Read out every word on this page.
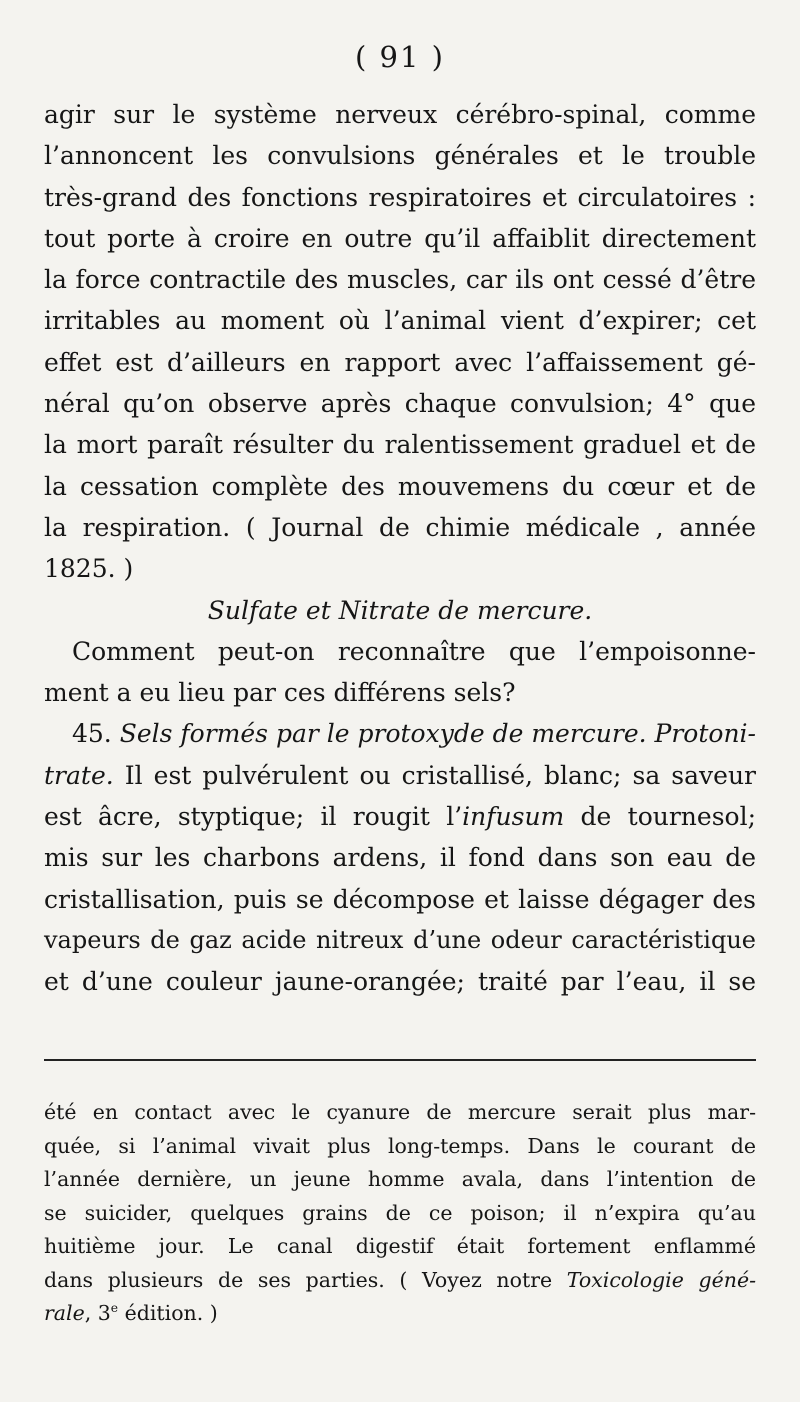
( 91 )
agir sur le système nerveux cérébro-spinal, comme
l’annoncent les convulsions générales et le trouble
très-grand des fonctions respiratoires et circulatoires :
tout porte à croire en outre qu’il affaiblit directement
la force contractile des muscles, car ils ont cessé d’être
irritables au moment où l’animal vient d’expirer; cet
effet est d’ailleurs en rapport avec l’affaissement gé-
néral qu’on observe après chaque convulsion; 4° que
la mort paraît résulter du ralentissement graduel et de
la cessation complète des mouvemens du cœur et de
la respiration. ( Journal de chimie médicale , année
1825. )
Sulfate et Nitrate de mercure.
Comment peut-on reconnaître que l’empoisonne-
ment a eu lieu par ces différens sels?
45. Sels formés par le protoxyde de mercure. Protoni-
trate. Il est pulvérulent ou cristallisé, blanc; sa saveur
est âcre, styptique; il rougit l’infusum de tournesol;
mis sur les charbons ardens, il fond dans son eau de
cristallisation, puis se décompose et laisse dégager des
vapeurs de gaz acide nitreux d’une odeur caractéristique
et d’une couleur jaune-orangée; traité par l’eau, il se
été en contact avec le cyanure de mercure serait plus mar-
quée, si l’animal vivait plus long-temps. Dans le courant de
l’année dernière, un jeune homme avala, dans l’intention de
se suicider, quelques grains de ce poison; il n’expira qu’au
huitième jour. Le canal digestif était fortement enflammé
dans plusieurs de ses parties. ( Voyez notre Toxicologie géné-
rale, 3e édition. )
